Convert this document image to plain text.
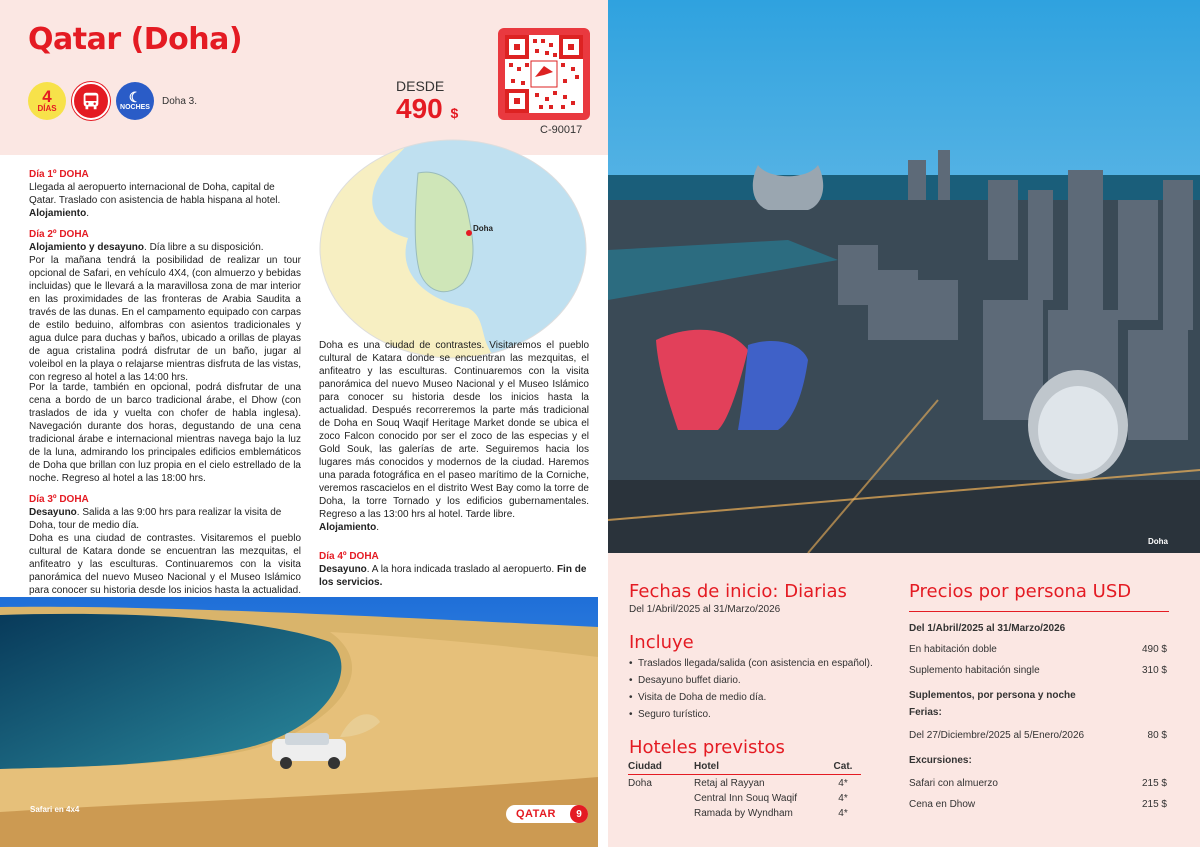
Qatar (Doha)
4
DÍAS
☾
NOCHES
Doha 3.
DESDE
490 $
C-90017
Doha
Día 1º DOHA

Llegada al aeropuerto internacional de Doha, capital de Qatar. Traslado con asistencia de habla hispana al hotel. Alojamiento.

Día 2º DOHA

Alojamiento y desayuno. Día libre a su disposición.

Por la mañana tendrá la posibilidad de realizar un tour opcional de Safari, en vehículo 4X4, (con almuerzo y bebidas incluidas) que le llevará a la maravillosa zona de mar interior en las proximidades de las fronteras de Arabia Saudita a través de las dunas. En el campamento equipado con carpas de estilo beduino, alfombras con asientos tradicionales y agua dulce para duchas y baños, ubicado a orillas de playas de agua cristalina podrá disfrutar de un baño, jugar al voleibol en la playa o relajarse mientras disfruta de las vistas, con regreso al hotel a las 14:00 hrs.

Por la tarde, también en opcional, podrá disfrutar de una cena a bordo de un barco tradicional árabe, el Dhow (con traslados de ida y vuelta con chofer de habla inglesa). Navegación durante dos horas, degustando de una cena tradicional árabe e internacional mientras navega bajo la luz de la luna, admirando los principales edificios emblemáticos de Doha que brillan con luz propia en el cielo estrellado de la noche. Regreso al hotel a las 18:00 hrs.

Día 3º DOHA

Desayuno. Salida a las 9:00 hrs para realizar la visita de Doha, tour de medio día.

Doha es una ciudad de contrastes. Visitaremos el pueblo cultural de Katara donde se encuentran las mezquitas, el anfiteatro y las esculturas. Continuaremos con la visita panorámica del nuevo Museo Nacional y el Museo Islámico para conocer su historia desde los inicios hasta la actualidad.

Doha es una ciudad de contrastes. Visitaremos el pueblo cultural de Katara donde se encuentran las mezquitas, el anfiteatro y las esculturas. Continuaremos con la visita panorámica del nuevo Museo Nacional y el Museo Islámico para conocer su historia desde los inicios hasta la actualidad. Después recorreremos la parte más tradicional de Doha en Souq Waqif Heritage Market donde se ubica el zoco Falcon conocido por ser el zoco de las especias y el Gold Souk, las galerías de arte. Seguiremos hacia los lugares más conocidos y modernos de la ciudad. Haremos una parada fotográfica en el paseo marítimo de la Corniche, veremos rascacielos en el distrito West Bay como la torre de Doha, la torre Tornado y los edificios gubernamentales. Regreso a las 13:00 hrs al hotel. Tarde libre.

Alojamiento.

Día 4º DOHA

Desayuno. A la hora indicada traslado al aeropuerto. Fin de los servicios.

Safari en 4x4	QATAR	9
Doha
Fechas de inicio: Diarias
Del 1/Abril/2025 al 31/Marzo/2026
Incluye
• Traslados llegada/salida (con asistencia en español).
• Desayuno buffet diario.
• Visita de Doha de medio día.
• Seguro turístico.
Hoteles previstos
Ciudad	Hotel	Cat.
Doha	Retaj al Rayyan	4*
	Central Inn Souq Waqif	4*
	Ramada by Wyndham	4*
Precios por persona USD
Del 1/Abril/2025 al 31/Marzo/2026
En habitación doble	490 $
Suplemento habitación single	310 $
Suplementos, por persona y noche
Ferias:
Del 27/Diciembre/2025 al 5/Enero/2026	80 $
Excursiones:
Safari con almuerzo	215 $
Cena en Dhow	215 $
